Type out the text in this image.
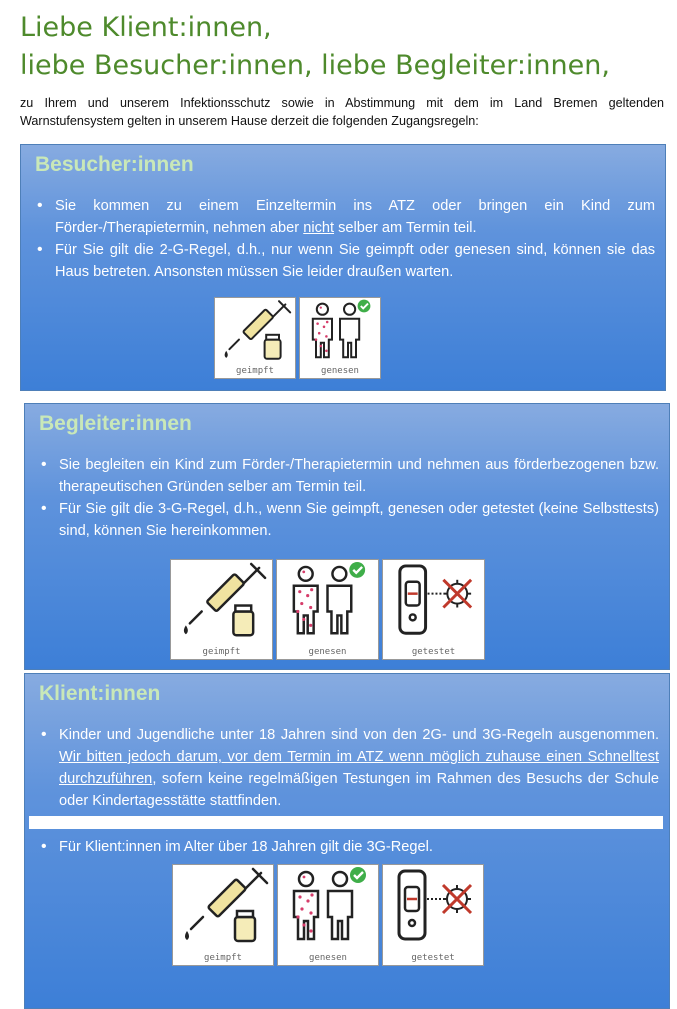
Liebe Klient:innen,
liebe Besucher:innen, liebe Begleiter:innen,
zu Ihrem und unserem Infektionsschutz sowie in Abstimmung mit dem im Land Bremen geltenden
Warnstufensystem gelten in unserem Hause derzeit die folgenden Zugangsregeln:
Besucher:innen
• Sie kommen zu einem Einzeltermin ins ATZ oder bringen ein Kind zum Förder-/Therapietermin, nehmen aber nicht selber am Termin teil.
• Für Sie gilt die 2-G-Regel, d.h., nur wenn Sie geimpft oder genesen sind, können sie das Haus betreten. Ansonsten müssen Sie leider draußen warten.
geimpft	genesen
Begleiter:innen
• Sie begleiten ein Kind zum Förder-/Therapietermin und nehmen aus förderbezogenen bzw. therapeutischen Gründen selber am Termin teil.
• Für Sie gilt die 3-G-Regel, d.h., wenn Sie geimpft, genesen oder getestet (keine Selbsttests) sind, können Sie hereinkommen.
geimpft	genesen	getestet
Klient:innen
• Kinder und Jugendliche unter 18 Jahren sind von den 2G- und 3G-Regeln ausgenommen. Wir bitten jedoch darum, vor dem Termin im ATZ wenn möglich zuhause einen Schnelltest durchzuführen, sofern keine regelmäßigen Testungen im Rahmen des Besuchs der Schule oder Kindertagesstätte stattfinden.
• Für Klient:innen im Alter über 18 Jahren gilt die 3G-Regel.
geimpft	genesen	getestet
